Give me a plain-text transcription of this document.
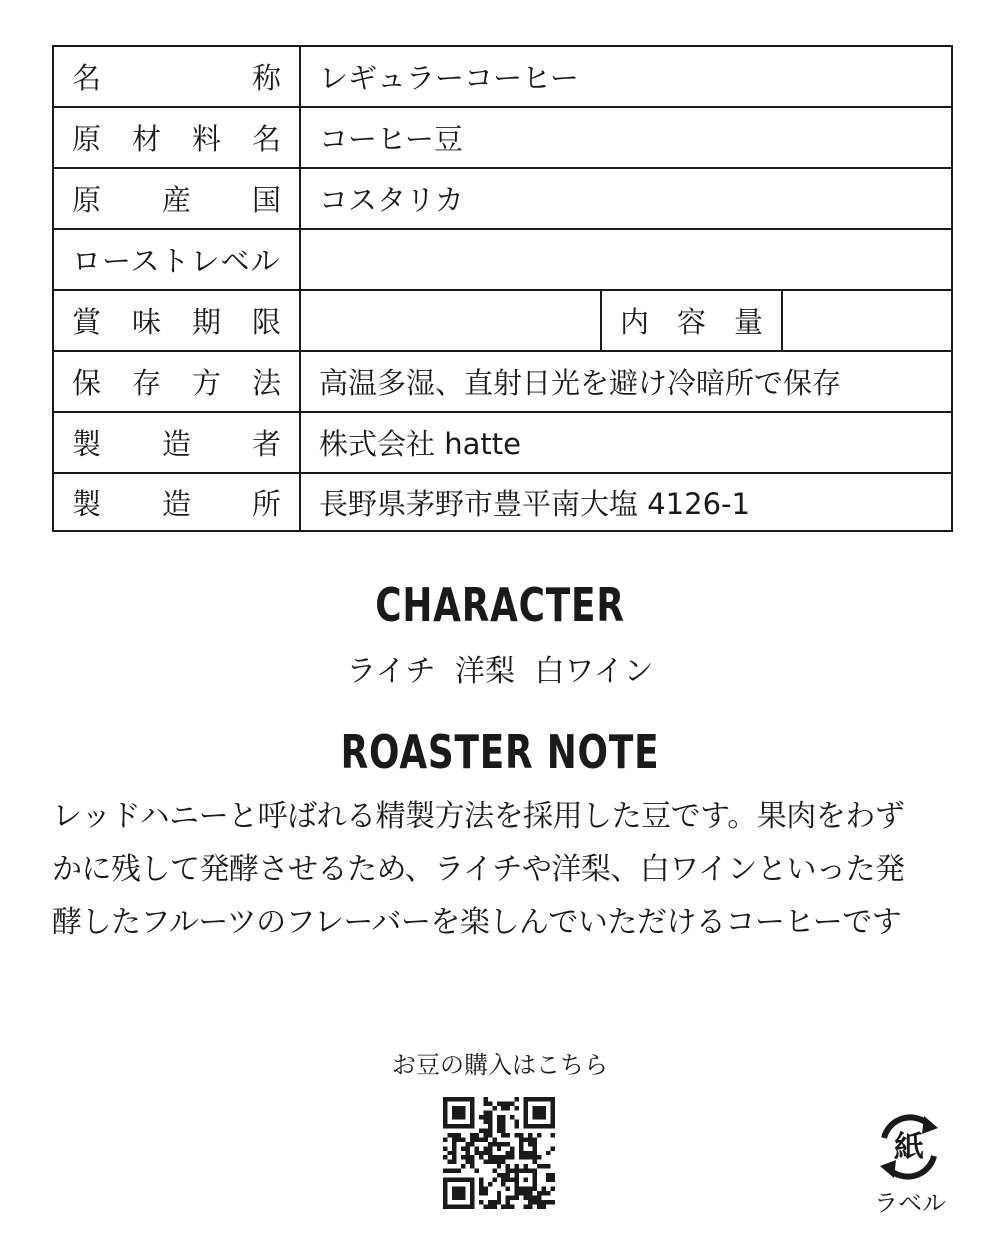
名 称	レギュラーコーヒー		

原 材 料 名	コーヒー豆		

原 産 国	コスタリカ		

ローストレベル			

賞 味 期 限		内 容 量	

保 存 方 法	高温多湿、直射日光を避け冷暗所で保存		

製 造 者	株式会社 hatte		

製 造 所	長野県茅野市豊平南大塩 4126-1		
CHARACTER
ライチ 洋梨 白ワイン
ROASTER NOTE
レッドハニーと呼ばれる精製方法を採用した豆です。果肉をわず
かに残して発酵させるため、ライチや洋梨、白ワインといった発
酵したフルーツのフレーバーを楽しんでいただけるコーヒーです
お豆の購入はこちら
紙
ラベル
